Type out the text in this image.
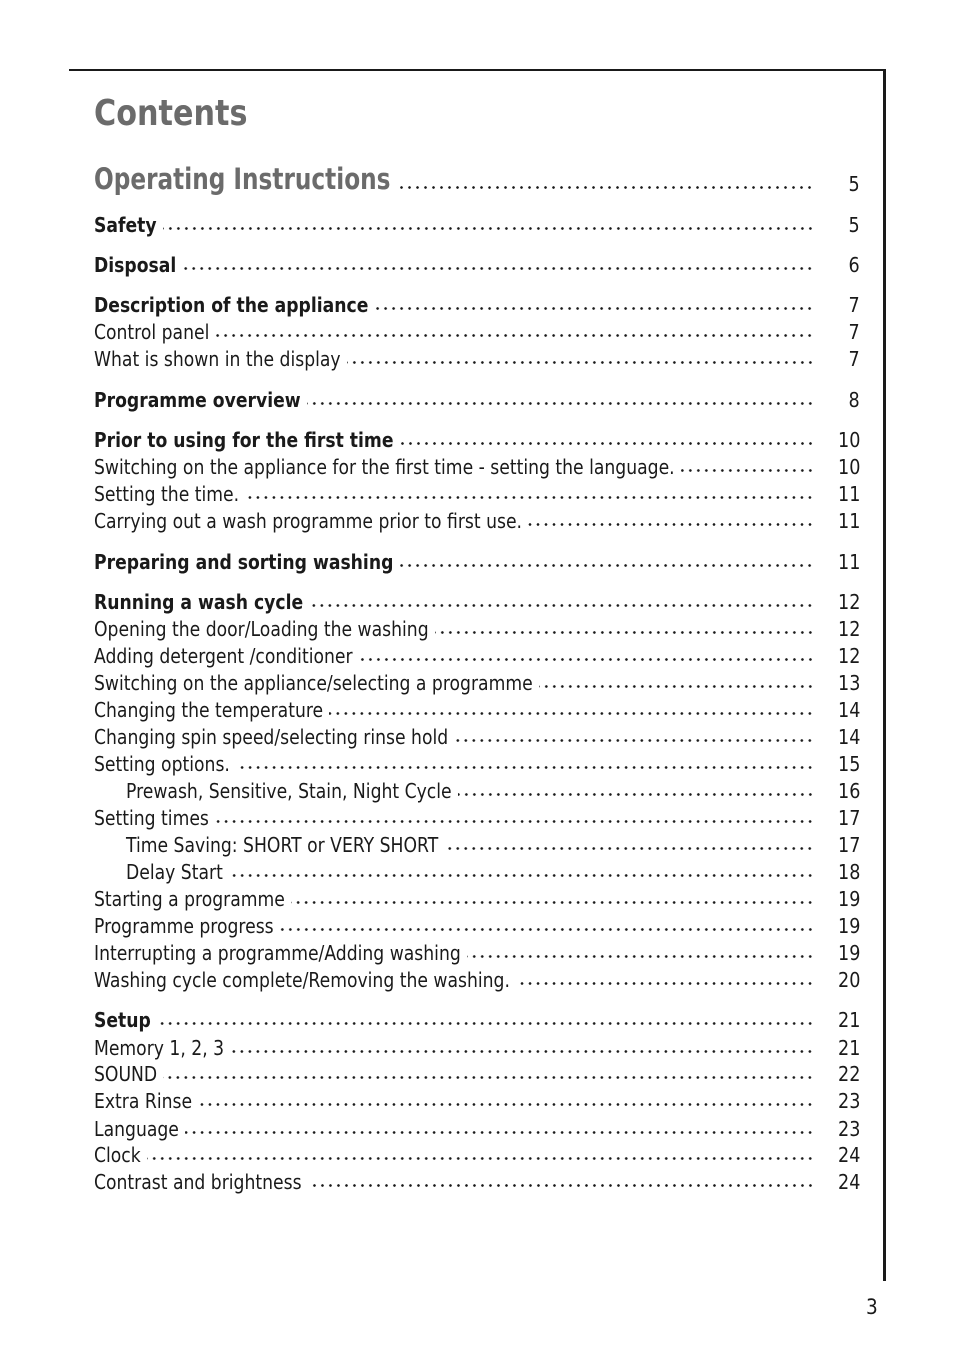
Contents
Operating Instructions	5
Safety	5
Disposal	6
Description of the appliance	7
Control panel	7
What is shown in the display	7
Programme overview	8
Prior to using for the first time	10
Switching on the appliance for the first time - setting the language.	10
Setting the time.	11
Carrying out a wash programme prior to first use.	11
Preparing and sorting washing	11
Running a wash cycle	12
Opening the door/Loading the washing	12
Adding detergent /conditioner	12
Switching on the appliance/selecting a programme	13
Changing the temperature	14
Changing spin speed/selecting rinse hold	14
Setting options.	15
Prewash, Sensitive, Stain, Night Cycle	16
Setting times	17
Time Saving: SHORT or VERY SHORT	17
Delay Start	18
Starting a programme	19
Programme progress	19
Interrupting a programme/Adding washing	19
Washing cycle complete/Removing the washing.	20
Setup	21
Memory 1, 2, 3	21
SOUND	22
Extra Rinse	23
Language	23
Clock	24
Contrast and brightness	24
3
